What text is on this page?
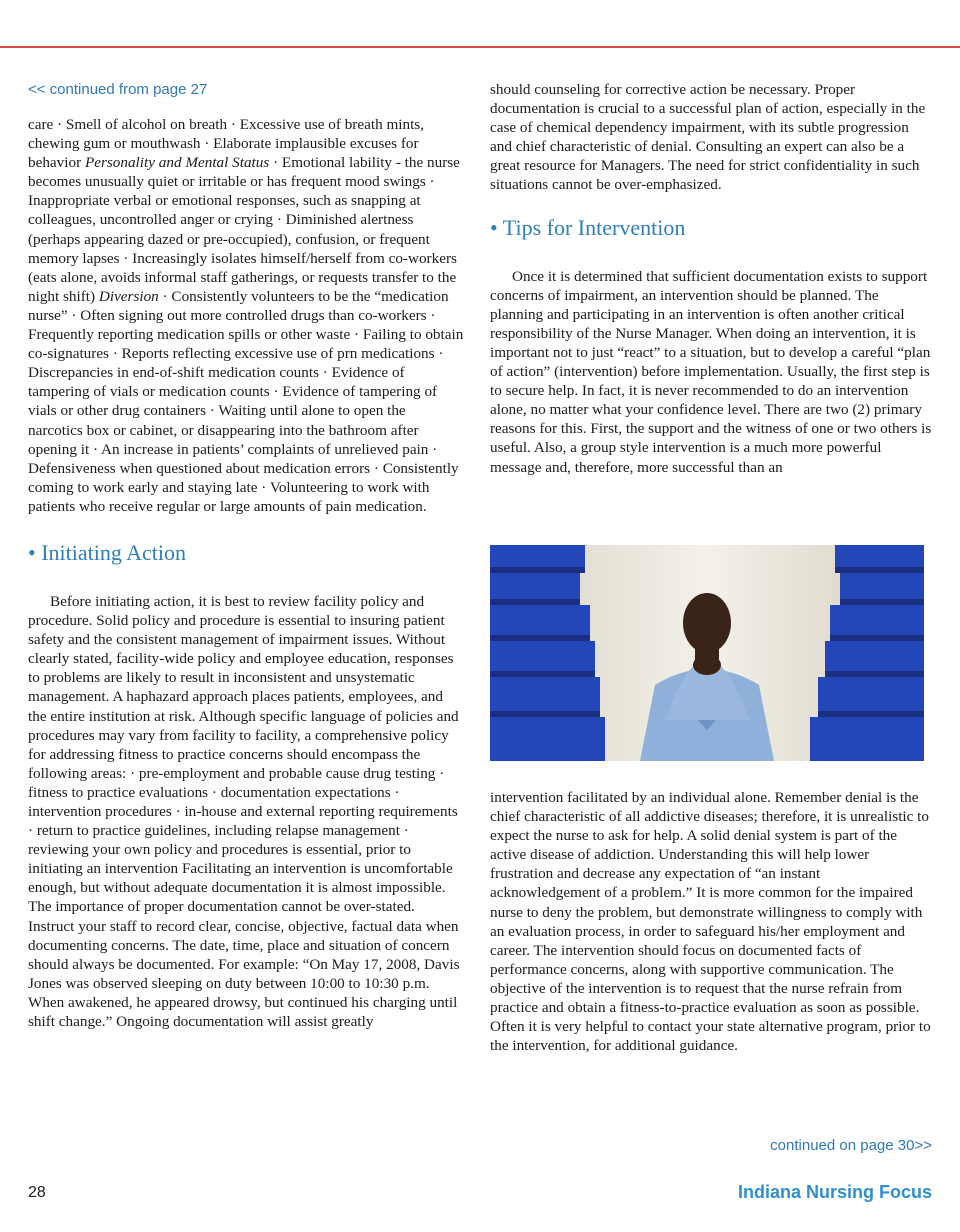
<< continued from page 27

care · Smell of alcohol on breath · Excessive use of breath mints, chewing gum or mouthwash · Elaborate implausible excuses for behavior Personality and Mental Status · Emotional lability - the nurse becomes unusually quiet or irritable or has frequent mood swings · Inappropriate verbal or emotional responses, such as snapping at colleagues, uncontrolled anger or crying · Diminished alertness (perhaps appearing dazed or pre-occupied), confusion, or frequent memory lapses · Increasingly isolates himself/herself from co-workers (eats alone, avoids informal staff gatherings, or requests transfer to the night shift) Diversion · Consistently volunteers to be the “medication nurse” · Often signing out more controlled drugs than co-workers · Frequently reporting medication spills or other waste · Failing to obtain co-signatures · Reports reflecting excessive use of prn medications · Discrepancies in end-of-shift medication counts · Evidence of tampering of vials or medication counts · Evidence of tampering of vials or other drug containers · Waiting until alone to open the narcotics box or cabinet, or disappearing into the bathroom after opening it · An increase in patients’ complaints of unrelieved pain · Defensiveness when questioned about medication errors · Consistently coming to work early and staying late · Volunteering to work with patients who receive regular or large amounts of pain medication.

• Initiating Action

Before initiating action, it is best to review facility policy and procedure. Solid policy and procedure is essential to insuring patient safety and the consistent management of impairment issues. Without clearly stated, facility-wide policy and employee education, responses to problems are likely to result in inconsistent and unsystematic management. A haphazard approach places patients, employees, and the entire institution at risk. Although specific language of policies and procedures may vary from facility to facility, a comprehensive policy for addressing fitness to practice concerns should encompass the following areas: · pre-employment and probable cause drug testing · fitness to practice evaluations · documentation expectations · intervention procedures · in-house and external reporting requirements · return to practice guidelines, including relapse management · reviewing your own policy and procedures is essential, prior to initiating an intervention Facilitating an intervention is uncomfortable enough, but without adequate documentation it is almost impossible. The importance of proper documentation cannot be over-stated. Instruct your staff to record clear, concise, objective, factual data when documenting concerns. The date, time, place and situation of concern should always be documented. For example: “On May 17, 2008, Davis Jones was observed sleeping on duty between 10:00 to 10:30 p.m. When awakened, he appeared drowsy, but continued his charging until shift change.” Ongoing documentation will assist greatly

should counseling for corrective action be necessary. Proper documentation is crucial to a successful plan of action, especially in the case of chemical dependency impairment, with its subtle progression and chief characteristic of denial. Consulting an expert can also be a great resource for Managers. The need for strict confidentiality in such situations cannot be over-emphasized.

• Tips for Intervention

Once it is determined that sufficient documentation exists to support concerns of impairment, an intervention should be planned. The planning and participating in an intervention is often another critical responsibility of the Nurse Manager. When doing an intervention, it is important not to just “react” to a situation, but to develop a careful “plan of action” (intervention) before implementation. Usually, the first step is to secure help. In fact, it is never recommended to do an intervention alone, no matter what your confidence level. There are two (2) primary reasons for this. First, the support and the witness of one or two others is useful. Also, a group style intervention is a much more powerful message and, therefore, more successful than an

intervention facilitated by an individual alone. Remember denial is the chief characteristic of all addictive diseases; therefore, it is unrealistic to expect the nurse to ask for help. A solid denial system is part of the active disease of addiction. Understanding this will help lower frustration and decrease any expectation of “an instant acknowledgement of a problem.” It is more common for the impaired nurse to deny the problem, but demonstrate willingness to comply with an evaluation process, in order to safeguard his/her employment and career. The intervention should focus on documented facts of performance concerns, along with supportive communication. The objective of the intervention is to request that the nurse refrain from practice and obtain a fitness-to-practice evaluation as soon as possible. Often it is very helpful to contact your state alternative program, prior to the intervention, for additional guidance.

continued on page 30>>
28	Indiana Nursing Focus
